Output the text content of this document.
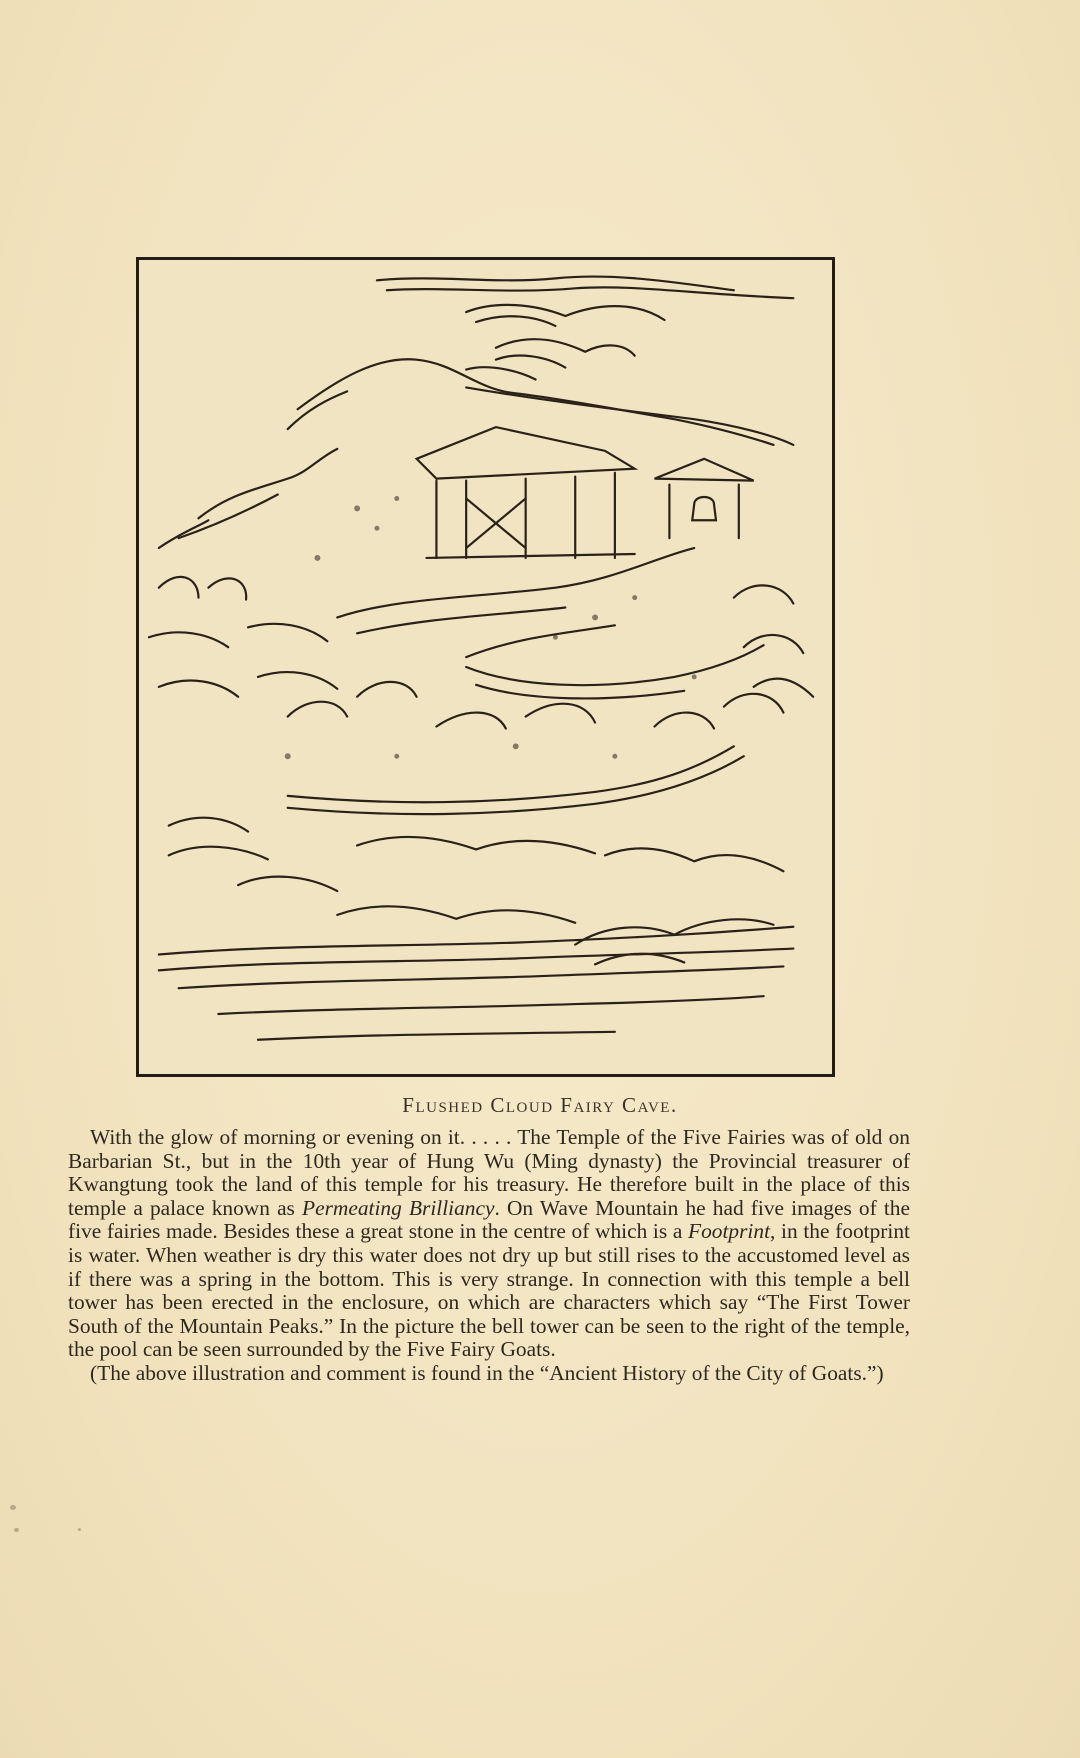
Flushed Cloud Fairy Cave.

With the glow of morning or evening on it. . . . . The Temple of the Five Fairies was of old on Barbarian St., but in the 10th year of Hung Wu (Ming dynasty) the Provincial treasurer of Kwangtung took the land of this temple for his treasury. He therefore built in the place of this temple a palace known as Permeating Brilliancy. On Wave Mountain he had five images of the five fairies made. Besides these a great stone in the centre of which is a Footprint, in the footprint is water. When weather is dry this water does not dry up but still rises to the accustomed level as if there was a spring in the bottom. This is very strange. In connection with this temple a bell tower has been erected in the enclosure, on which are characters which say “The First Tower South of the Mountain Peaks.” In the picture the bell tower can be seen to the right of the temple, the pool can be seen surrounded by the Five Fairy Goats.

(The above illustration and comment is found in the “Ancient History of the City of Goats.”)
